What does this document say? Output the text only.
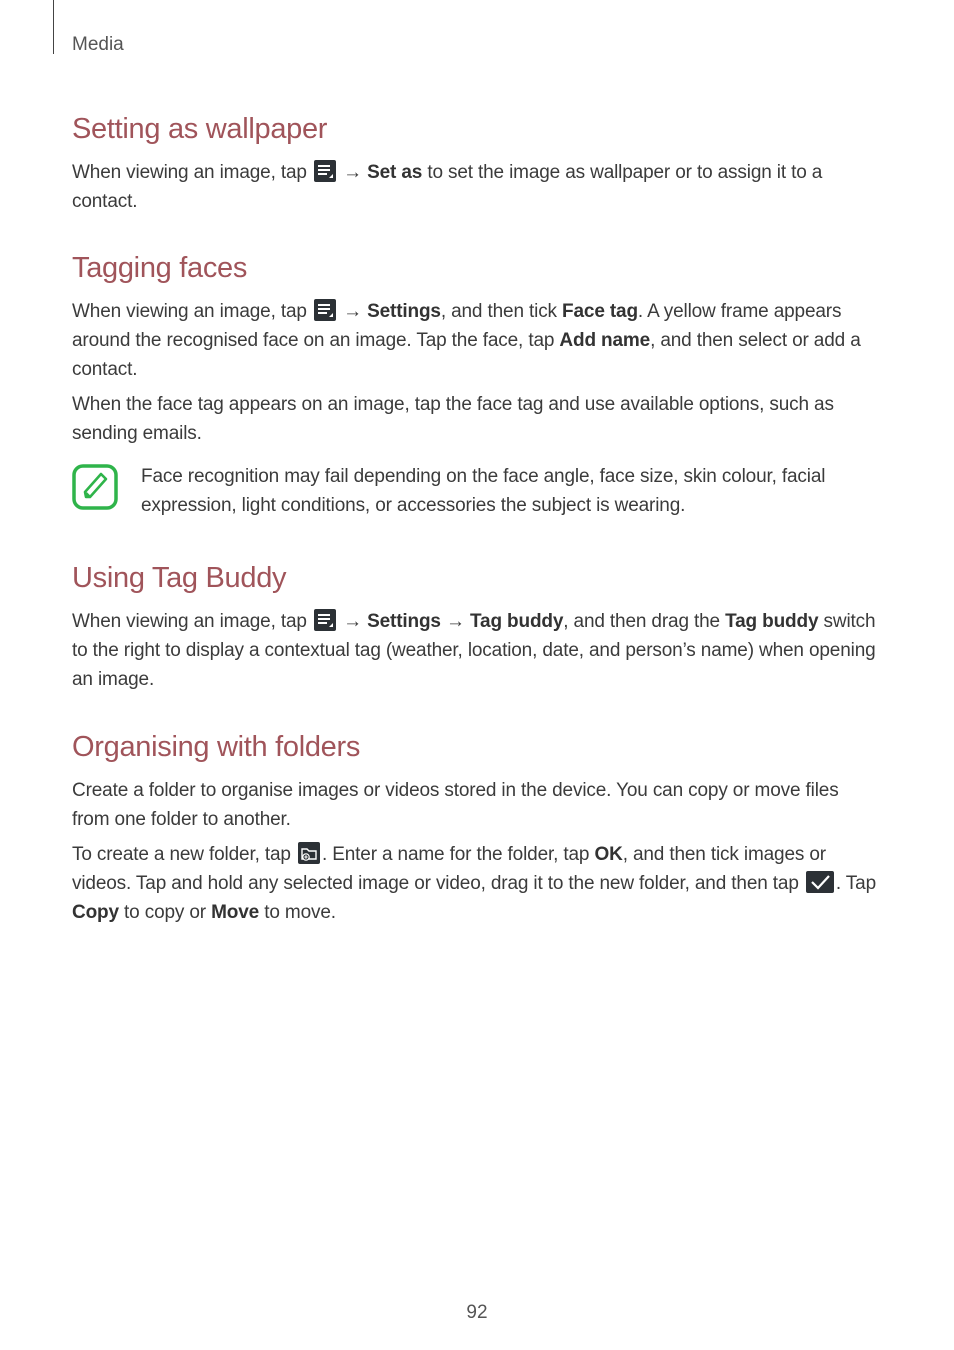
Media
Setting as wallpaper

When viewing an image, tap → Set as to set the image as wallpaper or to assign it to a contact.

Tagging faces

When viewing an image, tap → Settings, and then tick Face tag. A yellow frame appears around the recognised face on an image. Tap the face, tap Add name, and then select or add a contact.

When the face tag appears on an image, tap the face tag and use available options, such as sending emails.

Face recognition may fail depending on the face angle, face size, skin colour, facial expression, light conditions, or accessories the subject is wearing.

Using Tag Buddy

When viewing an image, tap → Settings → Tag buddy, and then drag the Tag buddy switch to the right to display a contextual tag (weather, location, date, and person’s name) when opening an image.

Organising with folders

Create a folder to organise images or videos stored in the device. You can copy or move files from one folder to another.

To create a new folder, tap . Enter a name for the folder, tap OK, and then tick images or videos. Tap and hold any selected image or video, drag it to the new folder, and then tap . Tap Copy to copy or Move to move.

92
